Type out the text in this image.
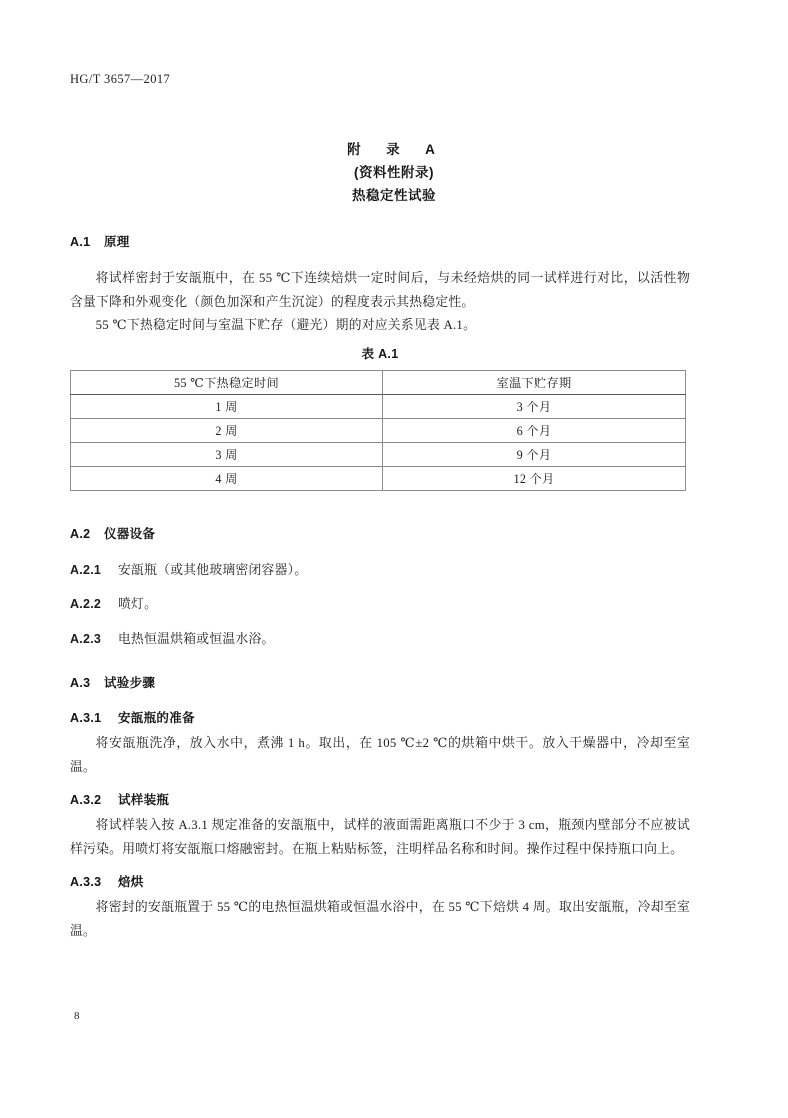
HG/T 3657—2017
附　录　A
(资料性附录)
热稳定性试验
A.1 原理
将试样密封于安瓿瓶中，在 55 ℃下连续焙烘一定时间后，与未经焙烘的同一试样进行对比，以活性物含量下降和外观变化（颜色加深和产生沉淀）的程度表示其热稳定性。
55 ℃下热稳定时间与室温下贮存（避光）期的对应关系见表 A.1。
表 A.1
55 ℃下热稳定时间	室温下贮存期
1 周	3 个月
2 周	6 个月
3 周	9 个月
4 周	12 个月
A.2 仪器设备
A.2.1 安瓿瓶（或其他玻璃密闭容器）。
A.2.2 喷灯。
A.2.3 电热恒温烘箱或恒温水浴。
A.3 试验步骤
A.3.1 安瓿瓶的准备
将安瓿瓶洗净，放入水中，煮沸 1 h。取出，在 105 ℃±2 ℃的烘箱中烘干。放入干燥器中，冷却至室温。
A.3.2 试样装瓶
将试样装入按 A.3.1 规定准备的安瓿瓶中，试样的液面需距离瓶口不少于 3 cm，瓶颈内壁部分不应被试样污染。用喷灯将安瓿瓶口熔融密封。在瓶上粘贴标签，注明样品名称和时间。操作过程中保持瓶口向上。
A.3.3 焙烘
将密封的安瓿瓶置于 55 ℃的电热恒温烘箱或恒温水浴中，在 55 ℃下焙烘 4 周。取出安瓿瓶，冷却至室温。
8
